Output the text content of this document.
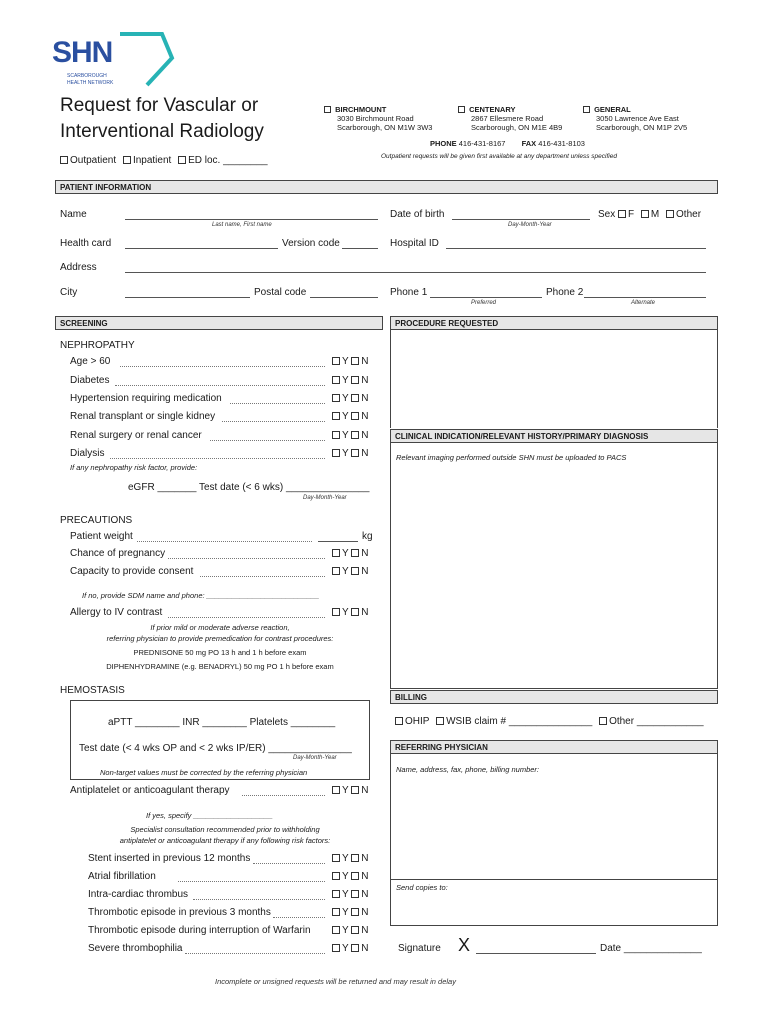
SHN
SCARBOROUGH
HEALTH NETWORK
Request for Vascular or
Interventional Radiology
Outpatient Inpatient ED loc. ________
BIRCHMOUNT
3030 Birchmount Road
Scarborough, ON M1W 3W3
CENTENARY
2867 Ellesmere Road
Scarborough, ON M1E 4B9
GENERAL
3050 Lawrence Ave East
Scarborough, ON M1P 2V5
PHONE 416-431-8167 FAX 416-431-8103
Outpatient requests will be given first available at any department unless specified
PATIENT INFORMATION
Name
Last name, First name
Date of birth
Day-Month-Year
Sex F M Other
Health card	Version code	Hospital ID
Address
City	Postal code	Phone 1
Preferred
Phone 2
Alternate
SCREENING
NEPHROPATHY
Age > 60	Y N
Diabetes	Y N
Hypertension requiring medication	Y N
Renal transplant or single kidney	Y N
Renal surgery or renal cancer	Y N
Dialysis	Y N
If any nephropathy risk factor, provide:
eGFR _______ Test date (< 6 wks) _______________
Day-Month-Year
PRECAUTIONS
Patient weight	kg
Chance of pregnancy	Y N
Capacity to provide consent	Y N
If no, provide SDM name and phone: ___________________________
Allergy to IV contrast	Y N
If prior mild or moderate adverse reaction,
referring physician to provide premedication for contrast procedures:
PREDNISONE 50 mg PO 13 h and 1 h before exam
DIPHENHYDRAMINE (e.g. BENADRYL) 50 mg PO 1 h before exam
HEMOSTASIS
aPTT ________ INR ________ Platelets ________
Test date (< 4 wks OP and < 2 wks IP/ER) _______________
Day-Month-Year
Non-target values must be corrected by the referring physician
Antiplatelet or anticoagulant therapy	Y N
If yes, specify ___________________
Specialist consultation recommended prior to withholding
antiplatelet or anticoagulant therapy if any following risk factors:
Stent inserted in previous 12 months	Y N
Atrial fibrillation	Y N
Intra-cardiac thrombus	Y N
Thrombotic episode in previous 3 months	Y N
Thrombotic episode during interruption of Warfarin	Y N
Severe thrombophilia	Y N
PROCEDURE REQUESTED
CLINICAL INDICATION/RELEVANT HISTORY/PRIMARY DIAGNOSIS
Relevant imaging performed outside SHN must be uploaded to PACS
BILLING
OHIP WSIB claim # _______________ Other ____________
REFERRING PHYSICIAN
Name, address, fax, phone, billing number:
Send copies to:
Signature X	Date ______________
Incomplete or unsigned requests will be returned and may result in delay
